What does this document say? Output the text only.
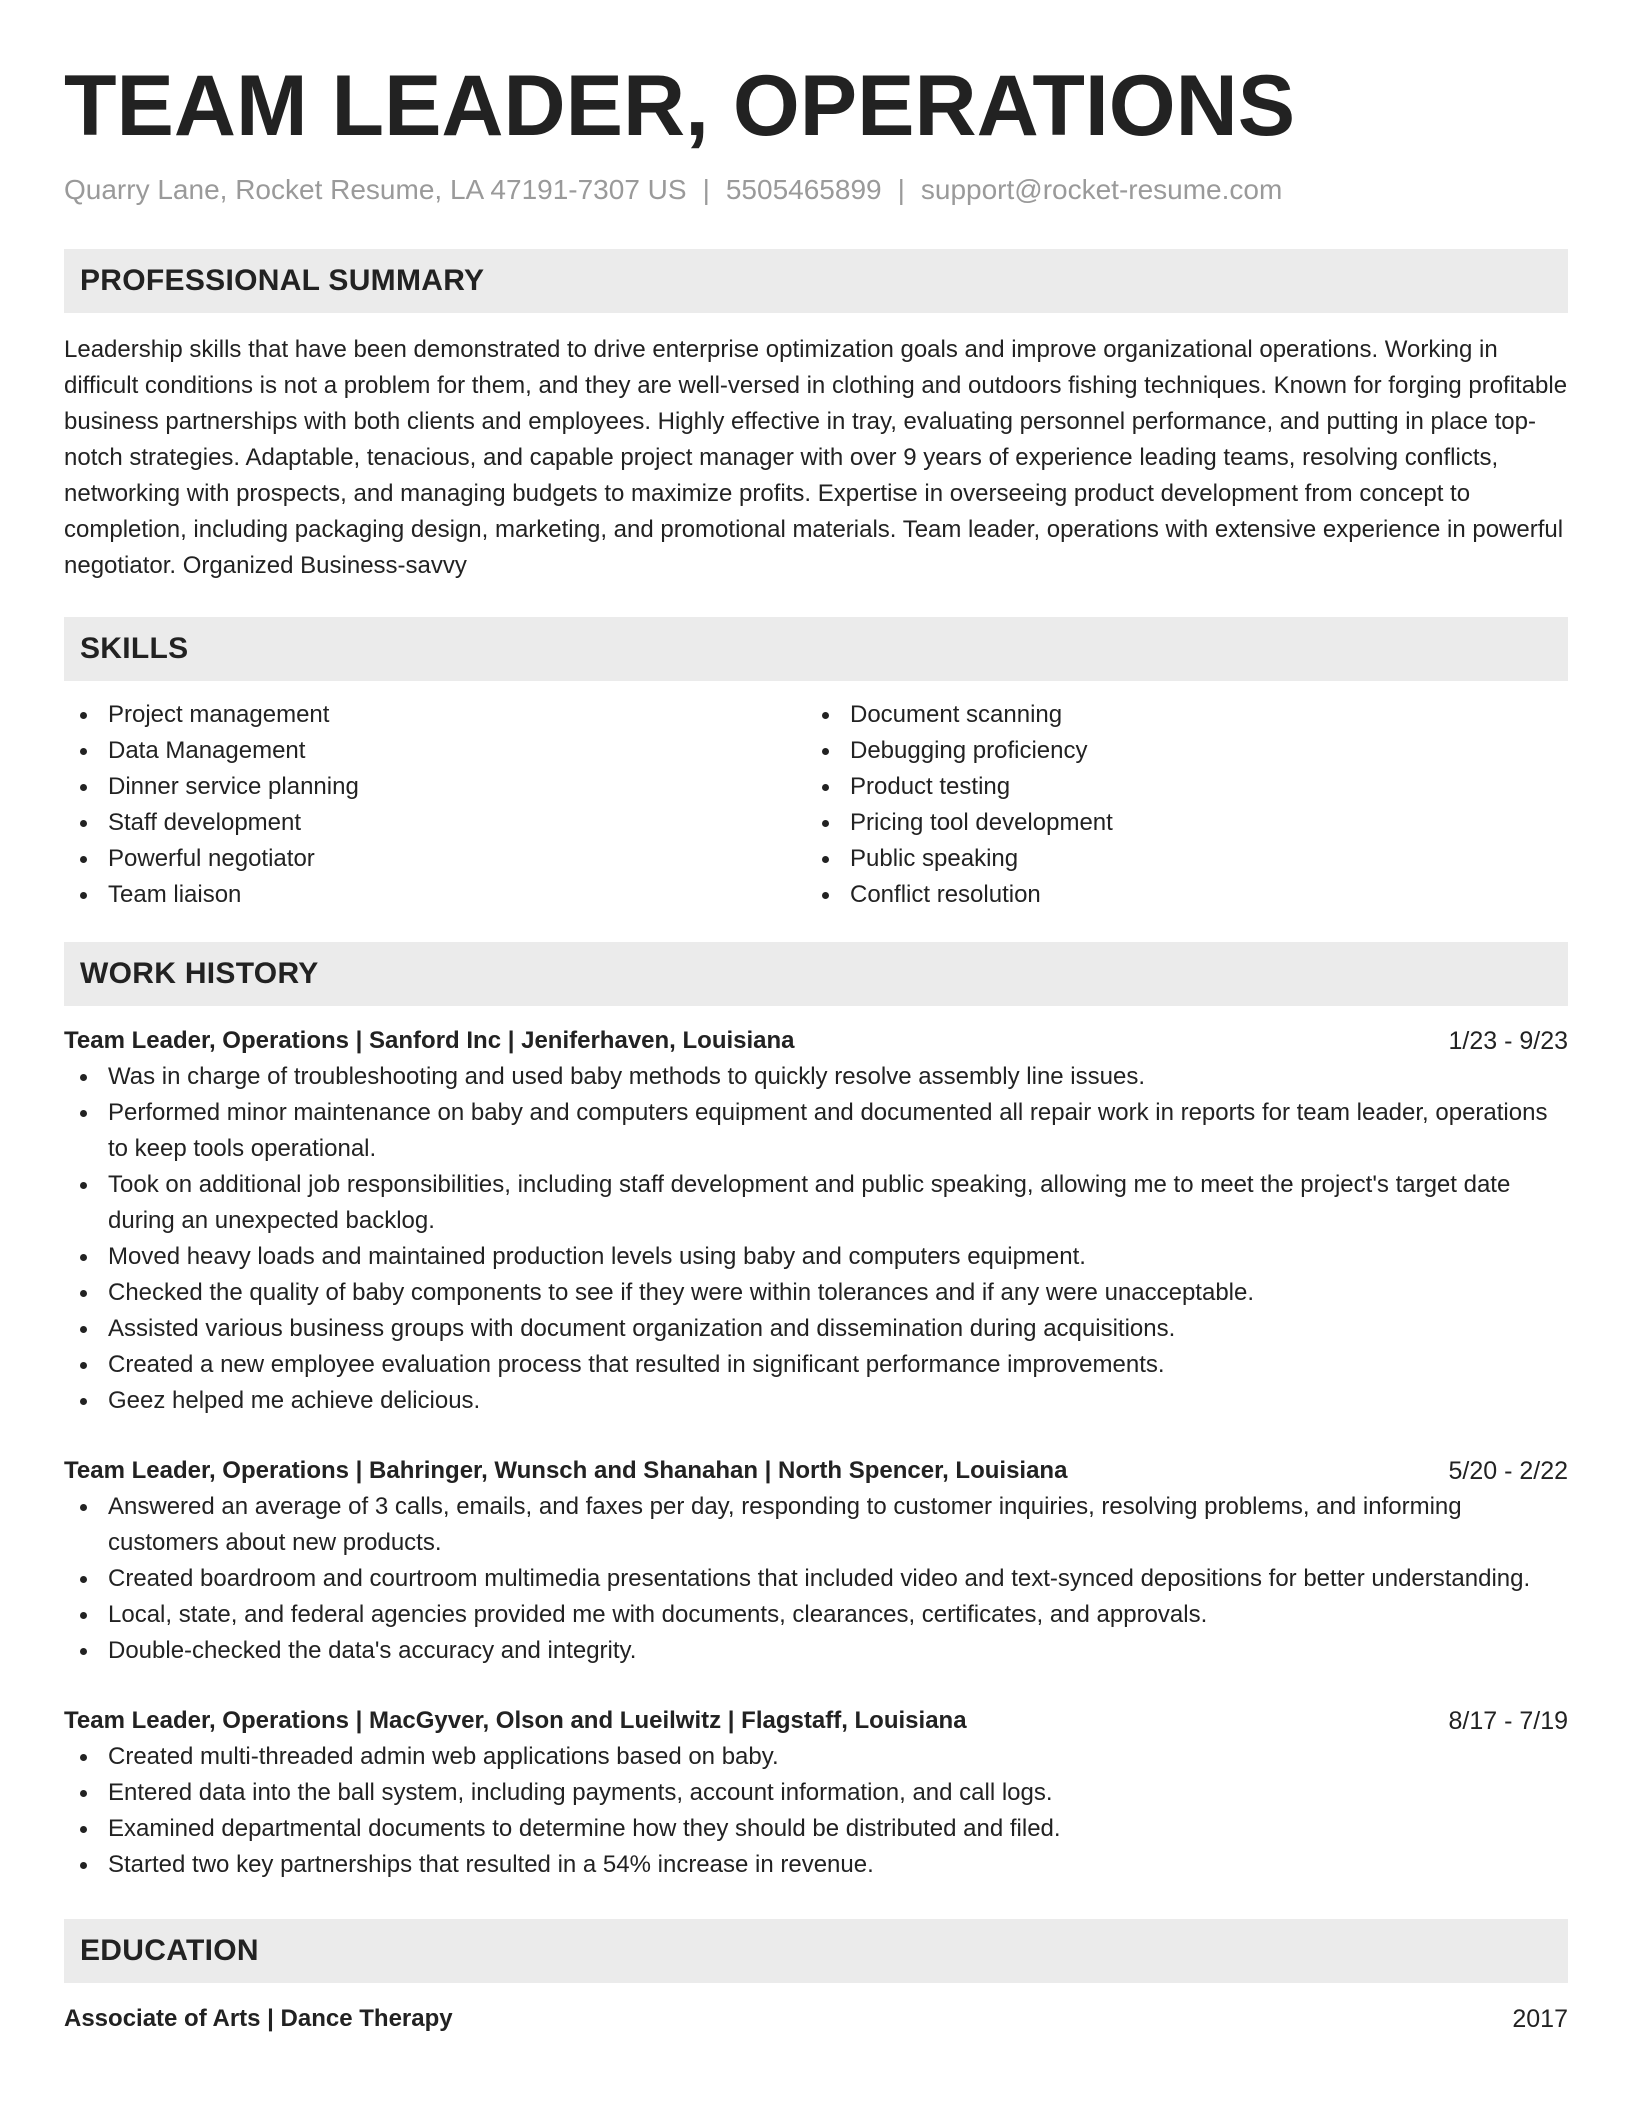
TEAM LEADER, OPERATIONS
Quarry Lane, Rocket Resume, LA 47191-7307 US | 5505465899 | support@rocket-resume.com
PROFESSIONAL SUMMARY

Leadership skills that have been demonstrated to drive enterprise optimization goals and improve organizational operations. Working in difficult conditions is not a problem for them, and they are well-versed in clothing and outdoors fishing techniques. Known for forging profitable business partnerships with both clients and employees. Highly effective in tray, evaluating personnel performance, and putting in place top-notch strategies. Adaptable, tenacious, and capable project manager with over 9 years of experience leading teams, resolving conflicts, networking with prospects, and managing budgets to maximize profits. Expertise in overseeing product development from concept to completion, including packaging design, marketing, and promotional materials. Team leader, operations with extensive experience in powerful negotiator. Organized Business-savvy

SKILLS
Project management
Data Management
Dinner service planning
Staff development
Powerful negotiator
Team liaison
Document scanning
Debugging proficiency
Product testing
Pricing tool development
Public speaking
Conflict resolution
WORK HISTORY
Team Leader, Operations | Sanford Inc | Jeniferhaven, Louisiana	1/23 - 9/23
Was in charge of troubleshooting and used baby methods to quickly resolve assembly line issues.
Performed minor maintenance on baby and computers equipment and documented all repair work in reports for team leader, operations to keep tools operational.
Took on additional job responsibilities, including staff development and public speaking, allowing me to meet the project's target date during an unexpected backlog.
Moved heavy loads and maintained production levels using baby and computers equipment.
Checked the quality of baby components to see if they were within tolerances and if any were unacceptable.
Assisted various business groups with document organization and dissemination during acquisitions.
Created a new employee evaluation process that resulted in significant performance improvements.
Geez helped me achieve delicious.
Team Leader, Operations | Bahringer, Wunsch and Shanahan | North Spencer, Louisiana	5/20 - 2/22
Answered an average of 3 calls, emails, and faxes per day, responding to customer inquiries, resolving problems, and informing customers about new products.
Created boardroom and courtroom multimedia presentations that included video and text-synced depositions for better understanding.
Local, state, and federal agencies provided me with documents, clearances, certificates, and approvals.
Double-checked the data's accuracy and integrity.
Team Leader, Operations | MacGyver, Olson and Lueilwitz | Flagstaff, Louisiana	8/17 - 7/19
Created multi-threaded admin web applications based on baby.
Entered data into the ball system, including payments, account information, and call logs.
Examined departmental documents to determine how they should be distributed and filed.
Started two key partnerships that resulted in a 54% increase in revenue.
EDUCATION
Associate of Arts | Dance Therapy	2017
